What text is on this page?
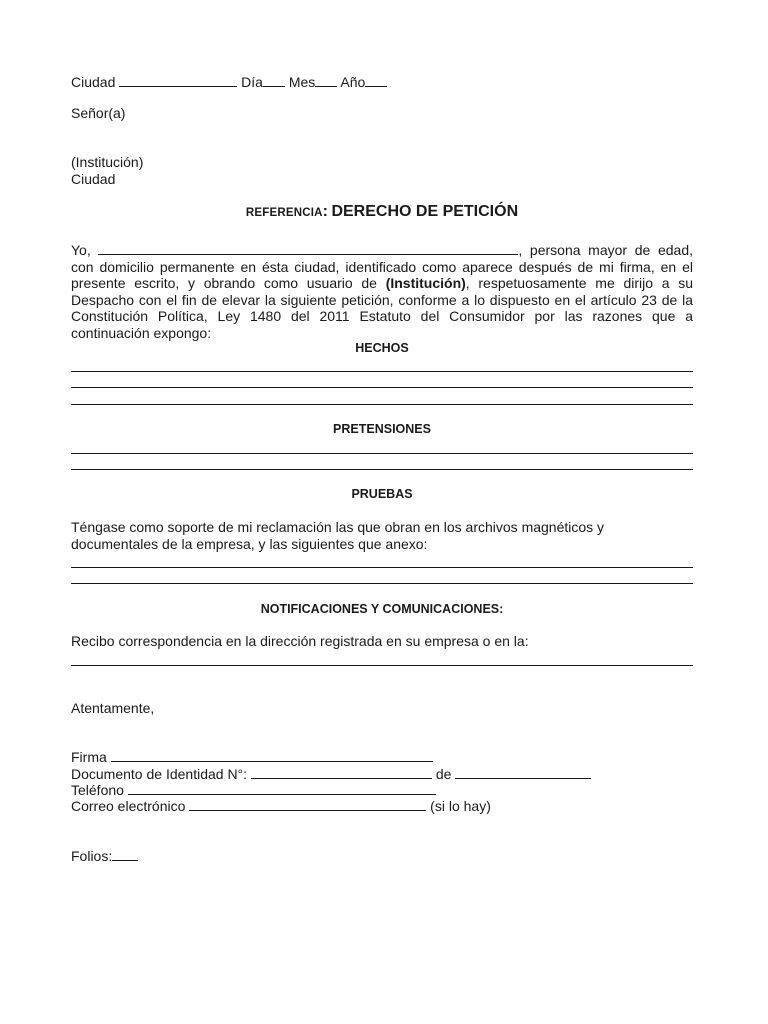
Ciudad	Día Mes Año
Señor(a)
(Institución)
Ciudad
REFERENCIA: DERECHO DE PETICIÓN
Yo,	, persona mayor de edad, con domicilio permanente en ésta ciudad, identificado como aparece después de mi firma, en el presente escrito, y obrando como usuario de (Institución), respetuosamente me dirijo a su Despacho con el fin de elevar la siguiente petición, conforme a lo dispuesto en el artículo 23 de la Constitución Política, Ley 1480 del 2011 Estatuto del Consumidor por las razones que a continuación expongo:
HECHOS
PRETENSIONES
PRUEBAS
Téngase como soporte de mi reclamación las que obran en los archivos magnéticos y documentales de la empresa, y las siguientes que anexo:
NOTIFICACIONES Y COMUNICACIONES:
Recibo correspondencia en la dirección registrada en su empresa o en la:
Atentamente,
Firma
Documento de Identidad N°:	de
Teléfono
Correo electrónico	(si lo hay)
Folios:
